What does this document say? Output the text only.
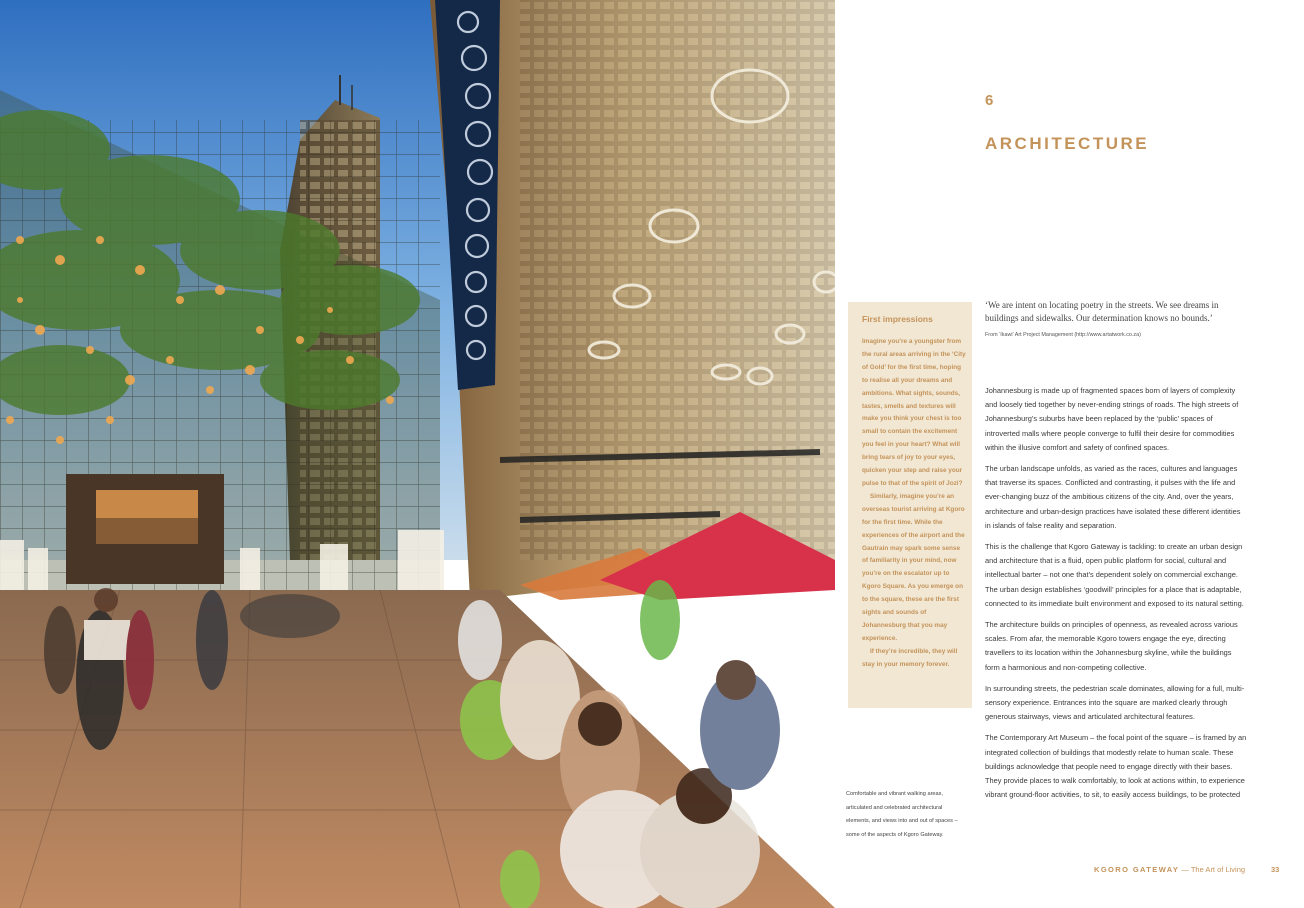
6
ARCHITECTURE
First impressions

Imagine you’re a youngster from the rural areas arriving in the ‘City of Gold’ for the first time, hoping to realise all your dreams and ambitions. What sights, sounds, tastes, smells and textures will make you think your chest is too small to contain the excitement you feel in your heart? What will bring tears of joy to your eyes, quicken your step and raise your pulse to that of the spirit of Jozi?

Similarly, imagine you’re an overseas tourist arriving at Kgoro for the first time. While the experiences of the airport and the Gautrain may spark some sense of familiarity in your mind, now you’re on the escalator up to Kgoro Square. As you emerge on to the square, these are the first sights and sounds of Johannesburg that you may experience.

If they’re incredible, they will stay in your memory forever.

‘We are intent on locating poetry in the streets. We see dreams in buildings and sidewalks. Our determination knows no bounds.’
From ‘Ikawi’ Art Project Management (http://www.artatwork.co.za)

Johannesburg is made up of fragmented spaces born of layers of complexity and loosely tied together by never-ending strings of roads. The high streets of Johannesburg’s suburbs have been replaced by the ‘public’ spaces of introverted malls where people converge to fulfil their desire for commodities within the illusive comfort and safety of confined spaces.

The urban landscape unfolds, as varied as the races, cultures and languages that traverse its spaces. Conflicted and contrasting, it pulses with the life and ever-changing buzz of the ambitious citizens of the city. And, over the years, architecture and urban-design practices have isolated these different identities in islands of false reality and separation.

This is the challenge that Kgoro Gateway is tackling: to create an urban design and architecture that is a fluid, open public platform for social, cultural and intellectual barter – not one that’s dependent solely on commercial exchange. The urban design establishes ‘goodwill’ principles for a place that is adaptable, connected to its immediate built environment and exposed to its natural setting.

The architecture builds on principles of openness, as revealed across various scales. From afar, the memorable Kgoro towers engage the eye, directing travellers to its location within the Johannesburg skyline, while the buildings form a harmonious and non-competing collective.

In surrounding streets, the pedestrian scale dominates, allowing for a full, multi-sensory experience. Entrances into the square are marked clearly through generous stairways, views and articulated architectural features.

The Contemporary Art Museum – the focal point of the square – is framed by an integrated collection of buildings that modestly relate to human scale. These buildings acknowledge that people need to engage directly with their bases. They provide places to walk comfortably, to look at actions within, to experience vibrant ground-floor activities, to sit, to easily access buildings, to be protected

Comfortable and vibrant walking areas, articulated and celebrated architectural elements, and views into and out of spaces – some of the aspects of Kgoro Gateway.
KGORO GATEWAY — The Art of Living	33
